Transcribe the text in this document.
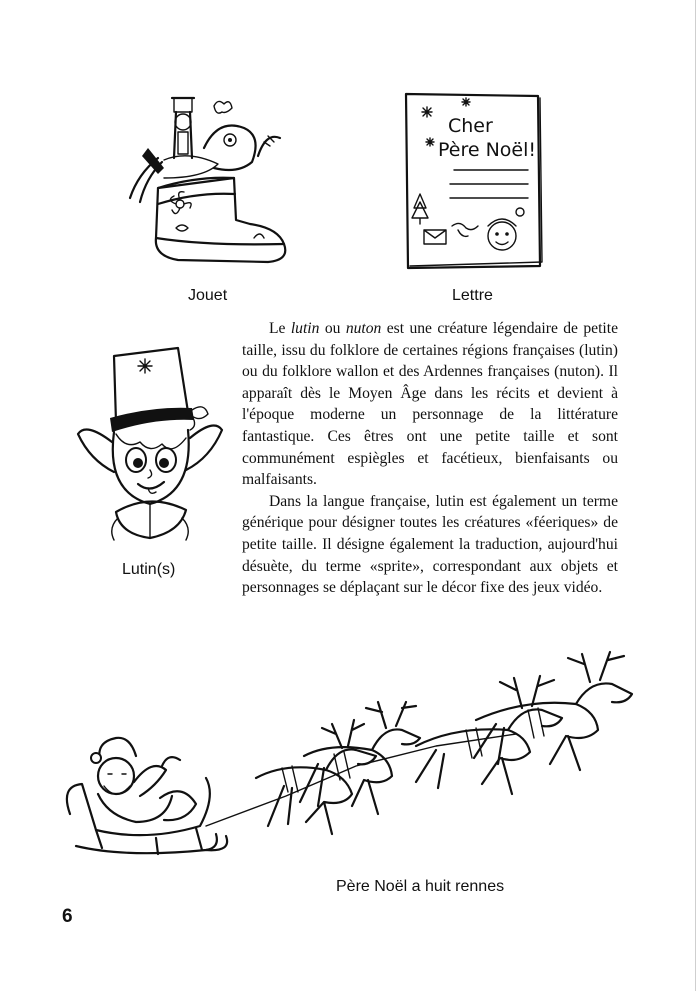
Jouet
Cher
Père Noël!
Lettre
Lutin(s)

Le lutin ou nuton est une créature légendaire de petite taille, issu du folklore de certaines régions françaises (lutin) ou du folklore wallon et des Ardennes françaises (nuton). Il apparaît dès le Moyen Âge dans les récits et devient à l'époque moderne un personnage de la littérature fantastique. Ces êtres ont une petite taille et sont communément espiègles et facétieux, bienfaisants ou malfaisants.

Dans la langue française, lutin est également un terme générique pour désigner toutes les créatures «féeriques» de petite taille. Il désigne également la traduction, aujourd'hui désuète, du terme «sprite», correspondant aux objets et personnages se déplaçant sur le décor fixe des jeux vidéo.

Père Noël a huit rennes
6
